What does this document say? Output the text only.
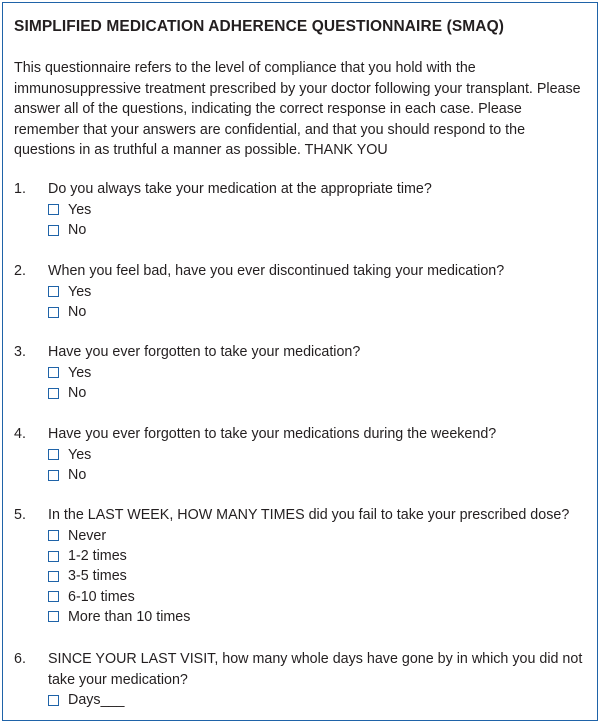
SIMPLIFIED MEDICATION ADHERENCE QUESTIONNAIRE (SMAQ)
This questionnaire refers to the level of compliance that you hold with the immunosuppressive treatment prescribed by your doctor following your transplant. Please answer all of the questions, indicating the correct response in each case. Please remember that your answers are confidential, and that you should respond to the questions in as truthful a manner as possible. THANK YOU
1.	Do you always take your medication at the appropriate time?
Yes
No
2.	When you feel bad, have you ever discontinued taking your medication?
Yes
No
3.	Have you ever forgotten to take your medication?
Yes
No
4.	Have you ever forgotten to take your medications during the weekend?
Yes
No
5.	In the LAST WEEK, HOW MANY TIMES did you fail to take your prescribed dose?
Never
1-2 times
3-5 times
6-10 times
More than 10 times
6.	SINCE YOUR LAST VISIT, how many whole days have gone by in which you did not take your medication?
Days___
